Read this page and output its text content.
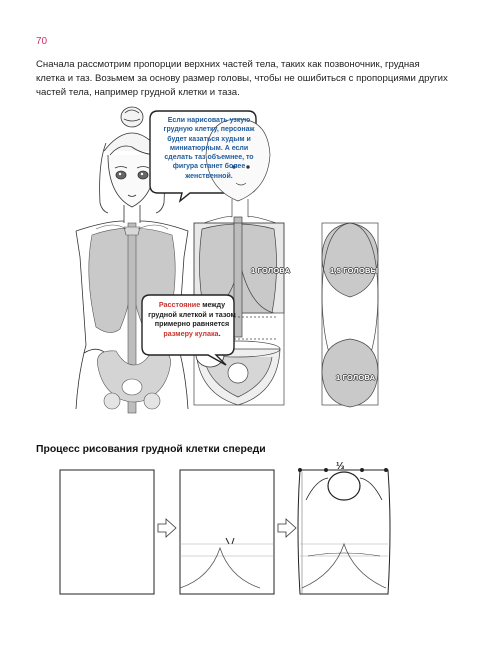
70
Сначала рассмотрим пропорции верхних частей тела, таких как позвоночник, грудная клетка и таз. Возьмем за основу размер головы, чтобы не ошибиться с пропорциями других частей тела, например грудной клетки и таза.
Если нарисовать узкую грудную клетку, персонаж будет казаться худым и миниатюрным. А если сделать таз объемнее, то фигура станет более женственной.
Расстояние между грудной клеткой и тазом примерно равняется размеру кулака.
1 ГОЛОВА	1,5 ГОЛОВЫ
1 ГОЛОВА
Процесс рисования грудной клетки спереди
⅓
